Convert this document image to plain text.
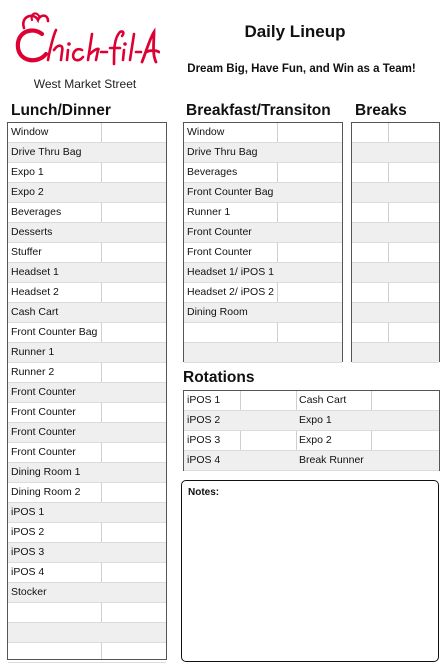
West Market Street
Daily Lineup
Dream Big, Have Fun, and Win as a Team!
Lunch/Dinner	Breakfast/Transiton Breaks
Rotations
Window
Drive Thru Bag
Expo 1
Expo 2
Beverages
Desserts
Stuffer
Headset 1
Headset 2
Cash Cart
Front Counter Bag
Runner 1
Runner 2
Front Counter
Front Counter
Front Counter
Front Counter
Dining Room 1
Dining Room 2
iPOS 1
iPOS 2
iPOS 3
iPOS 4
Stocker
Window
Drive Thru Bag
Beverages
Front Counter Bag
Runner 1
Front Counter
Front Counter
Headset 1/ iPOS 1
Headset 2/ iPOS 2
Dining Room
iPOS 1	Cash Cart
iPOS 2	Expo 1
iPOS 3	Expo 2
iPOS 4	Break Runner
Notes:
